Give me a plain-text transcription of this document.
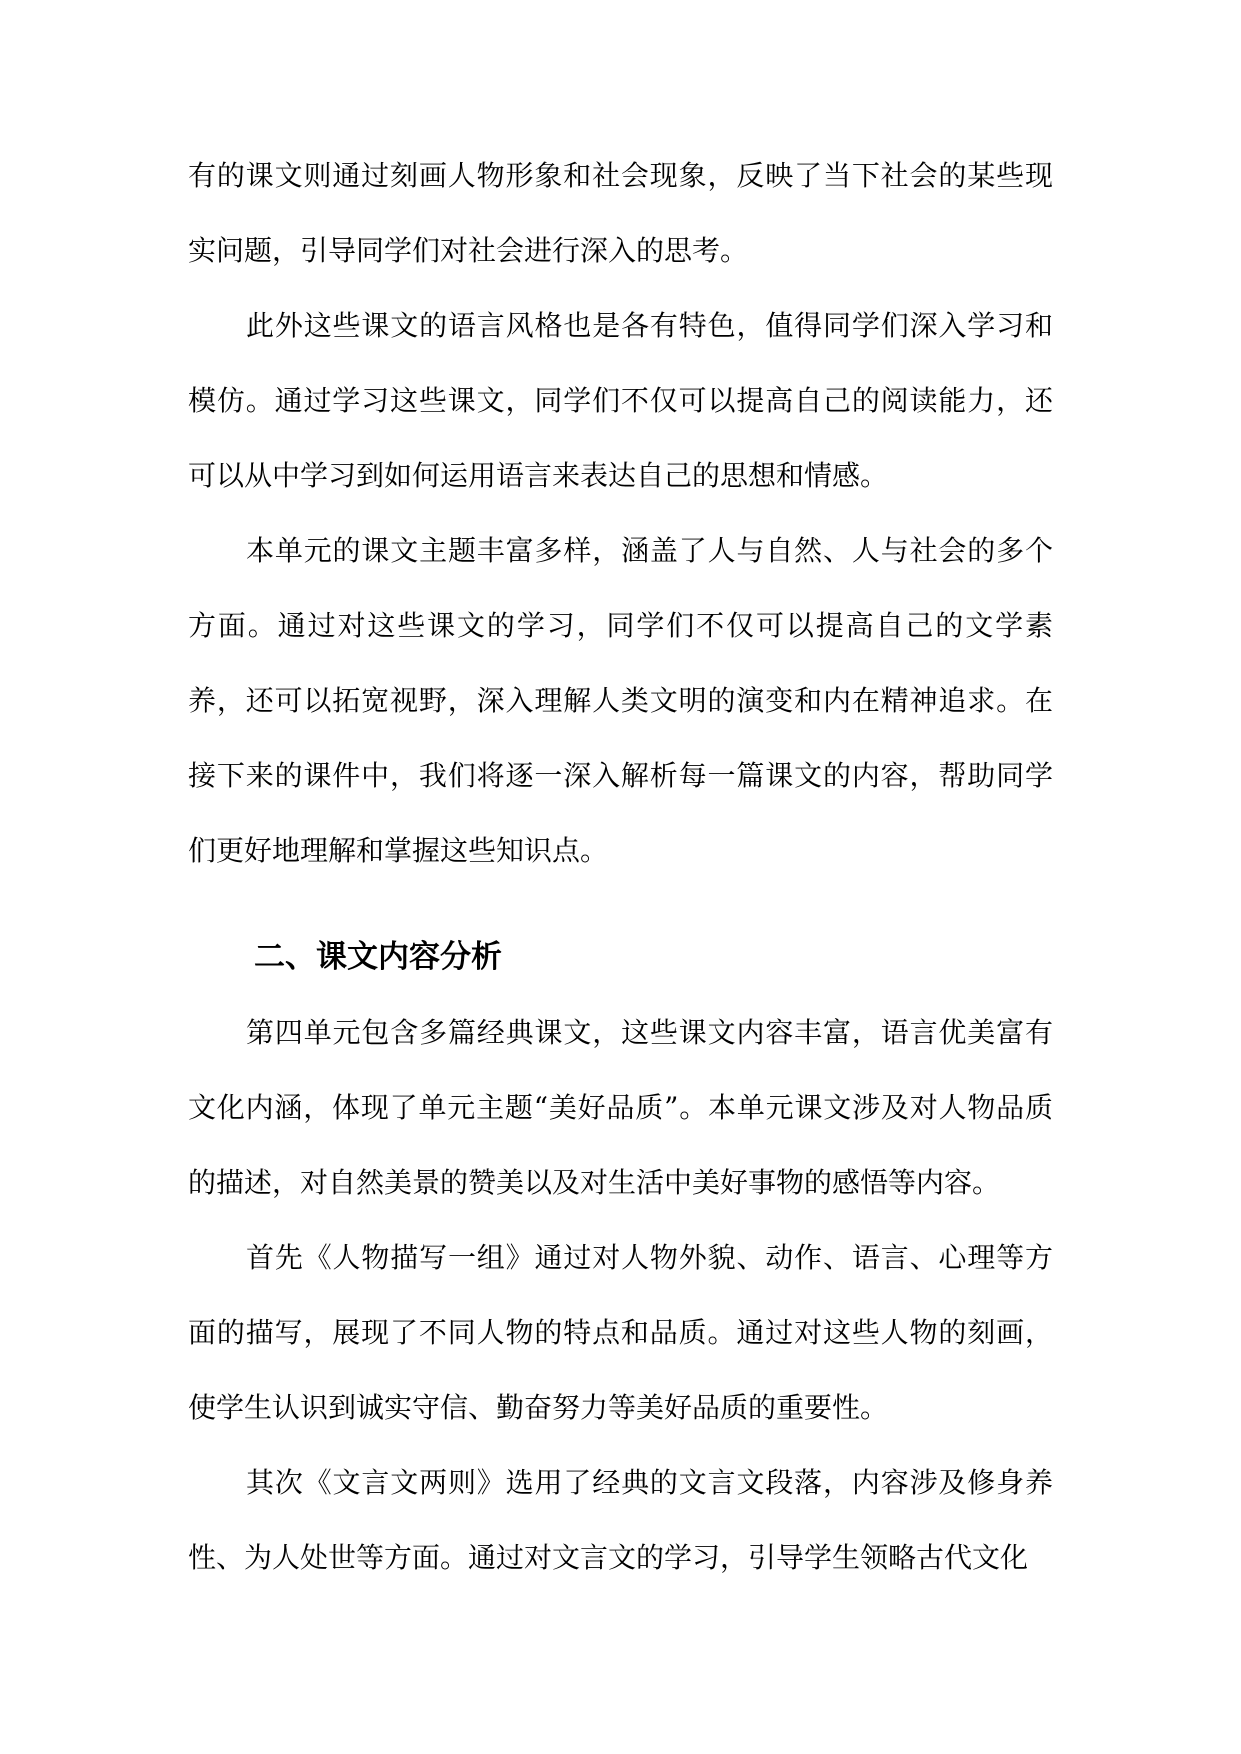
有的课文则通过刻画人物形象和社会现象，反映了当下社会的某些现实问题，引导同学们对社会进行深入的思考。

此外这些课文的语言风格也是各有特色，值得同学们深入学习和模仿。通过学习这些课文，同学们不仅可以提高自己的阅读能力，还可以从中学习到如何运用语言来表达自己的思想和情感。

本单元的课文主题丰富多样，涵盖了人与自然、人与社会的多个方面。通过对这些课文的学习，同学们不仅可以提高自己的文学素养，还可以拓宽视野，深入理解人类文明的演变和内在精神追求。在接下来的课件中，我们将逐一深入解析每一篇课文的内容，帮助同学们更好地理解和掌握这些知识点。

二、课文内容分析

第四单元包含多篇经典课文，这些课文内容丰富，语言优美富有文化内涵，体现了单元主题“美好品质”。本单元课文涉及对人物品质的描述，对自然美景的赞美以及对生活中美好事物的感悟等内容。

首先《人物描写一组》通过对人物外貌、动作、语言、心理等方面的描写，展现了不同人物的特点和品质。通过对这些人物的刻画，使学生认识到诚实守信、勤奋努力等美好品质的重要性。

其次《文言文两则》选用了经典的文言文段落，内容涉及修身养性、为人处世等方面。通过对文言文的学习，引导学生领略古代文化
